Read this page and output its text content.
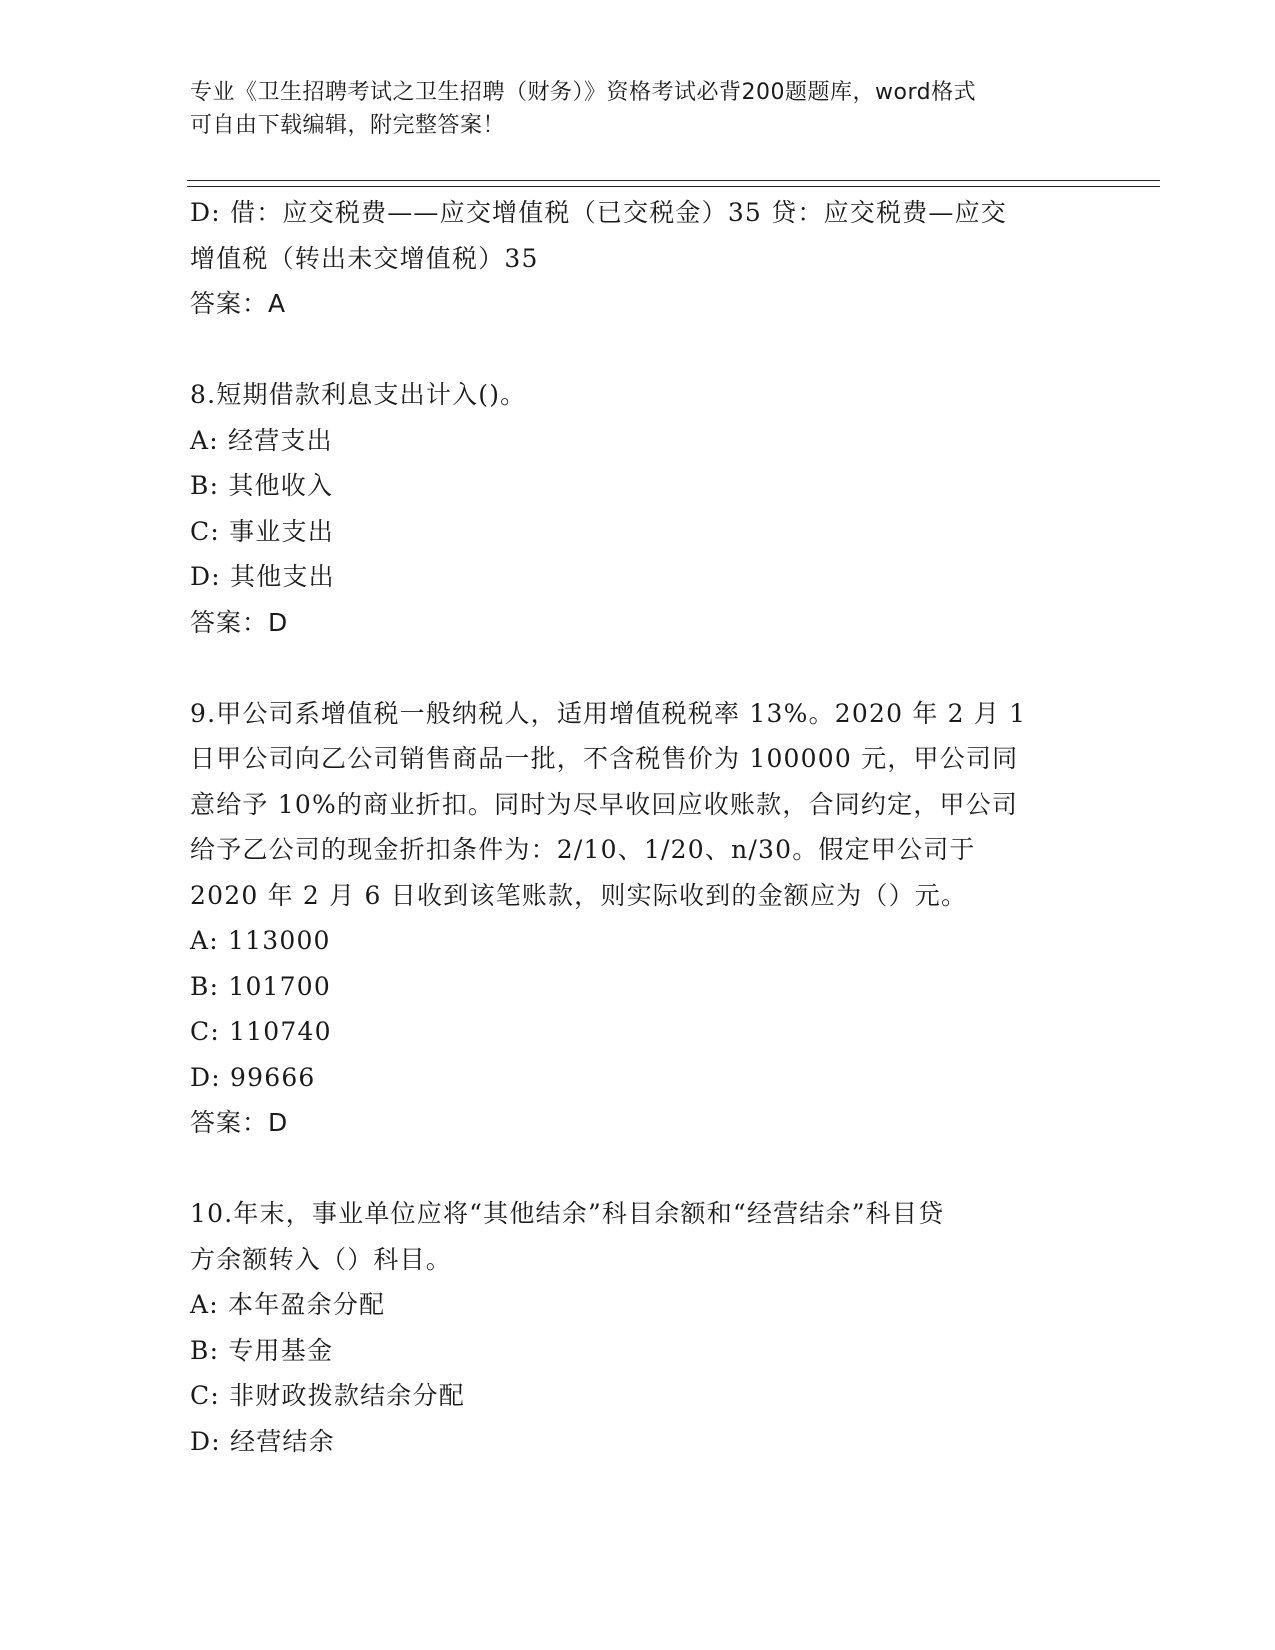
专业《卫生招聘考试之卫生招聘（财务）》资格考试必背200题题库，word格式
可自由下载编辑，附完整答案！
D: 借：应交税费——应交增值税（已交税金）35 贷：应交税费—应交
增值税（转出未交增值税）35
答案：A
8.短期借款利息支出计入()。
A: 经营支出
B: 其他收入
C: 事业支出
D: 其他支出
答案：D
9.甲公司系增值税一般纳税人，适用增值税税率 13%。2020 年 2 月 1
日甲公司向乙公司销售商品一批，不含税售价为 100000 元，甲公司同
意给予 10%的商业折扣。同时为尽早收回应收账款，合同约定，甲公司
给予乙公司的现金折扣条件为：2/10、1/20、n/30。假定甲公司于
2020 年 2 月 6 日收到该笔账款，则实际收到的金额应为（）元。
A: 113000
B: 101700
C: 110740
D: 99666
答案：D
10.年末，事业单位应将“其他结余”科目余额和“经营结余”科目贷
方余额转入（）科目。
A: 本年盈余分配
B: 专用基金
C: 非财政拨款结余分配
D: 经营结余
